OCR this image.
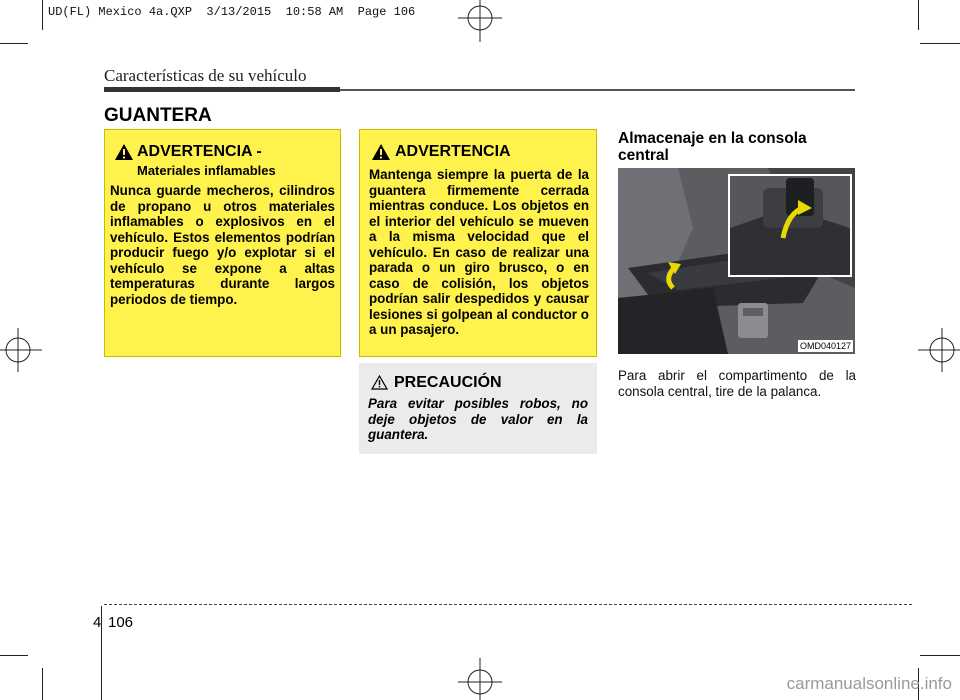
UD(FL) Mexico 4a.QXP  3/13/2015  10:58 AM  Page 106
Características de su vehículo
GUANTERA
ADVERTENCIA -
Materiales inflamables
Nunca guarde mecheros, cilindros de propano u otros materiales inflamables o explosivos en el vehículo. Estos elementos podrían producir fuego y/o explotar si el vehículo se expone a altas temperaturas durante largos periodos de tiempo.
ADVERTENCIA
Mantenga siempre la puerta de la guantera firmemente cerrada mientras conduce. Los objetos en el interior del vehículo se mueven a la misma velocidad que el vehículo. En caso de realizar una parada o un giro brusco, o en caso de colisión, los objetos podrían salir despedidos y causar lesiones si golpean al conductor o a un pasajero.
PRECAUCIÓN
Para evitar posibles robos, no deje objetos de valor en la guantera.
Almacenaje en la consola central
OMD040127
Para abrir el compartimento de la consola central, tire de la palanca.
4 106
carmanualsonline.info
